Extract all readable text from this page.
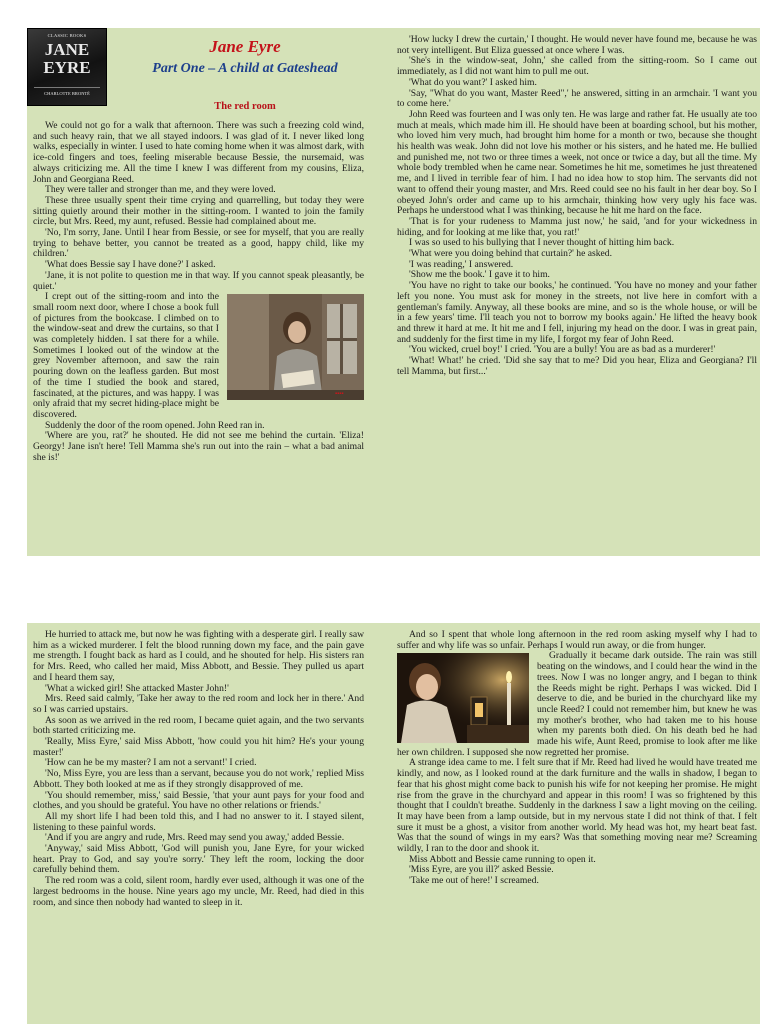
CLASSIC BOOKS
JANE
EYRE
CHARLOTTE BRONTË
Jane Eyre
Part One – A child at Gateshead
The red room

We could not go for a walk that afternoon. There was such a freezing cold wind, and such heavy rain, that we all stayed indoors. I was glad of it. I never liked long walks, especially in winter. I used to hate coming home when it was almost dark, with ice-cold fingers and toes, feeling miserable because Bessie, the nursemaid, was always criticizing me. All the time I knew I was different from my cousins, Eliza, John and Georgiana Reed.

They were taller and stronger than me, and they were loved.

These three usually spent their time crying and quarrelling, but today they were sitting quietly around their mother in the sitting-room. I wanted to join the family circle, but Mrs. Reed, my aunt, refused. Bessie had complained about me.

'No, I'm sorry, Jane. Until I hear from Bessie, or see for myself, that you are really trying to behave better, you cannot be treated as a good, happy child, like my children.'

'What does Bessie say I have done?' I asked.

'Jane, it is not polite to question me in that way. If you cannot speak pleasantly, be quiet.'

▪▪▪▪

I crept out of the sitting-room and into the small room next door, where I chose a book full of pictures from the bookcase. I climbed on to the window-seat and drew the curtains, so that I was completely hidden. I sat there for a while. Sometimes I looked out of the window at the grey November afternoon, and saw the rain pouring down on the leafless garden. But most of the time I studied the book and stared, fascinated, at the pictures, and was happy. I was only afraid that my secret hiding-place might be discovered.

Suddenly the door of the room opened. John Reed ran in.

'Where are you, rat?' he shouted. He did not see me behind the curtain. 'Eliza! Georgy! Jane isn't here! Tell Mamma she's run out into the rain – what a bad animal she is!'

'How lucky I drew the curtain,' I thought. He would never have found me, because he was not very intelligent. But Eliza guessed at once where I was.

'She's in the window-seat, John,' she called from the sitting-room. So I came out immediately, as I did not want him to pull me out.

'What do you want?' I asked him.

'Say, "What do you want, Master Reed",' he answered, sitting in an armchair. 'I want you to come here.'

John Reed was fourteen and I was only ten. He was large and rather fat. He usually ate too much at meals, which made him ill. He should have been at boarding school, but his mother, who loved him very much, had brought him home for a month or two, because she thought his health was weak. John did not love his mother or his sisters, and he hated me. He bullied and punished me, not two or three times a week, not once or twice a day, but all the time. My whole body trembled when he came near. Sometimes he hit me, sometimes he just threatened me, and I lived in terrible fear of him. I had no idea how to stop him. The servants did not want to offend their young master, and Mrs. Reed could see no his fault in her dear boy. So I obeyed John's order and came up to his armchair, thinking how very ugly his face was. Perhaps he understood what I was thinking, because he hit me hard on the face.

'That is for your rudeness to Mamma just now,' he said, 'and for your wickedness in hiding, and for looking at me like that, you rat!'

I was so used to his bullying that I never thought of hitting him back.

'What were you doing behind that curtain?' he asked.

'I was reading,' I answered.

'Show me the book.' I gave it to him.

'You have no right to take our books,' he continued. 'You have no money and your father left you none. You must ask for money in the streets, not live here in comfort with a gentleman's family. Anyway, all these books are mine, and so is the whole house, or will be in a few years' time. I'll teach you not to borrow my books again.' He lifted the heavy book and threw it hard at me. It hit me and I fell, injuring my head on the door. I was in great pain, and suddenly for the first time in my life, I forgot my fear of John Reed.

'You wicked, cruel boy!' I cried. 'You are a bully! You are as bad as a murderer!'

'What! What!' he cried. 'Did she say that to me? Did you hear, Eliza and Georgiana? I'll tell Mamma, but first...'

He hurried to attack me, but now he was fighting with a desperate girl. I really saw him as a wicked murderer. I felt the blood running down my face, and the pain gave me strength. I fought back as hard as I could, and he shouted for help. His sisters ran for Mrs. Reed, who called her maid, Miss Abbott, and Bessie. They pulled us apart and I heard them say,

'What a wicked girl! She attacked Master John!'

Mrs. Reed said calmly, 'Take her away to the red room and lock her in there.' And so I was carried upstairs.

As soon as we arrived in the red room, I became quiet again, and the two servants both started criticizing me.

'Really, Miss Eyre,' said Miss Abbott, 'how could you hit him? He's your young master!'

'How can he be my master? I am not a servant!' I cried.

'No, Miss Eyre, you are less than a servant, because you do not work,' replied Miss Abbott. They both looked at me as if they strongly disapproved of me.

'You should remember, miss,' said Bessie, 'that your aunt pays for your food and clothes, and you should be grateful. You have no other relations or friends.'

All my short life I had been told this, and I had no answer to it. I stayed silent, listening to these painful words.

'And if you are angry and rude, Mrs. Reed may send you away,' added Bessie.

'Anyway,' said Miss Abbott, 'God will punish you, Jane Eyre, for your wicked heart. Pray to God, and say you're sorry.' They left the room, locking the door carefully behind them.

The red room was a cold, silent room, hardly ever used, although it was one of the largest bedrooms in the house. Nine years ago my uncle, Mr. Reed, had died in this room, and since then nobody had wanted to sleep in it.

And so I spent that whole long afternoon in the red room asking myself why I had to suffer and why life was so unfair. Perhaps I would run away, or die from hunger.

Gradually it became dark outside. The rain was still beating on the windows, and I could hear the wind in the trees. Now I was no longer angry, and I began to think the Reeds might be right. Perhaps I was wicked. Did I deserve to die, and be buried in the churchyard like my uncle Reed? I could not remember him, but knew he was my mother's brother, who had taken me to his house when my parents both died. On his death bed he had made his wife, Aunt Reed, promise to look after me like her own children. I supposed she now regretted her promise.

A strange idea came to me. I felt sure that if Mr. Reed had lived he would have treated me kindly, and now, as I looked round at the dark furniture and the walls in shadow, I began to fear that his ghost might come back to punish his wife for not keeping her promise. He might rise from the grave in the churchyard and appear in this room! I was so frightened by this thought that I couldn't breathe. Suddenly in the darkness I saw a light moving on the ceiling. It may have been from a lamp outside, but in my nervous state I did not think of that. I felt sure it must be a ghost, a visitor from another world. My head was hot, my heart beat fast. Was that the sound of wings in my ears? Was that something moving near me? Screaming wildly, I ran to the door and shook it.

Miss Abbott and Bessie came running to open it.

'Miss Eyre, are you ill?' asked Bessie.

'Take me out of here!' I screamed.
